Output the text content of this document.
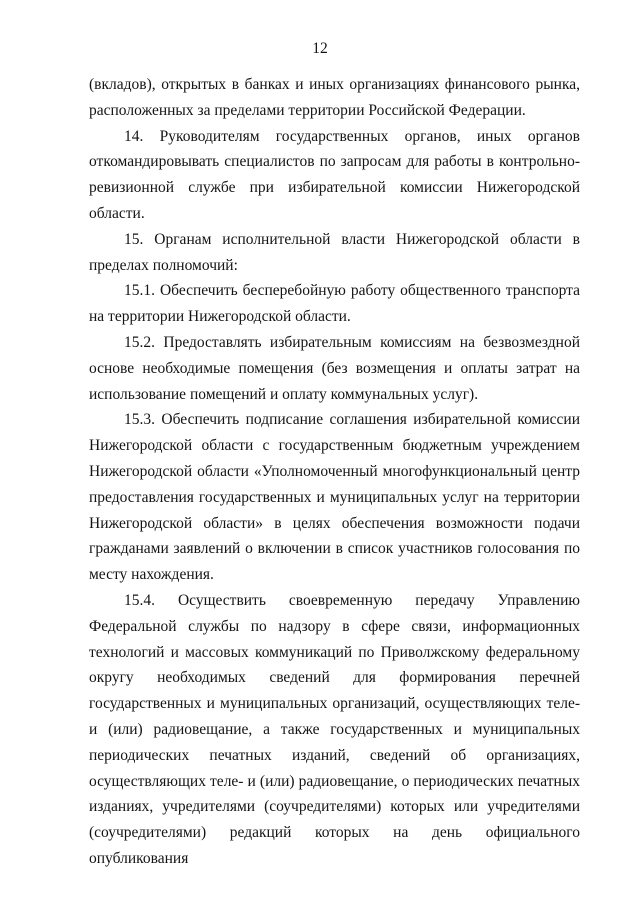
12

(вкладов), открытых в банках и иных организациях финансового рынка, расположенных за пределами территории Российской Федерации.

14. Руководителям государственных органов, иных органов откомандировывать специалистов по запросам для работы в контрольно-ревизионной службе при избирательной комиссии Нижегородской области.

15. Органам исполнительной власти Нижегородской области в пределах полномочий:

15.1. Обеспечить бесперебойную работу общественного транспорта на территории Нижегородской области.

15.2. Предоставлять избирательным комиссиям на безвозмездной основе необходимые помещения (без возмещения и оплаты затрат на использование помещений и оплату коммунальных услуг).

15.3. Обеспечить подписание соглашения избирательной комиссии Нижегородской области с государственным бюджетным учреждением Нижегородской области «Уполномоченный многофункциональный центр предоставления государственных и муниципальных услуг на территории Нижегородской области» в целях обеспечения возможности подачи гражданами заявлений о включении в список участников голосования по месту нахождения.

15.4. Осуществить своевременную передачу Управлению Федеральной службы по надзору в сфере связи, информационных технологий и массовых коммуникаций по Приволжскому федеральному округу необходимых сведений для формирования перечней государственных и муниципальных организаций, осуществляющих теле- и (или) радиовещание, а также государственных и муниципальных периодических печатных изданий, сведений об организациях, осуществляющих теле- и (или) радиовещание, о периодических печатных изданиях, учредителями (соучредителями) которых или учредителями (соучредителями) редакций которых на день официального опубликования
